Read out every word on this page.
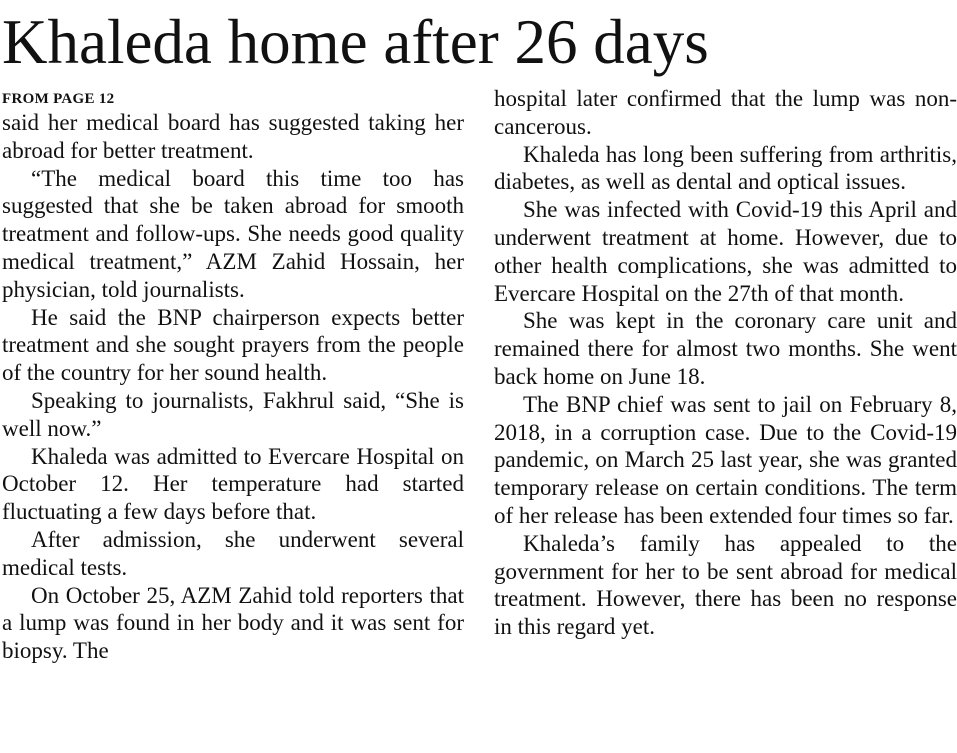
Khaleda home after 26 days
FROM PAGE 12

said her medical board has suggested taking her abroad for better treatment.

“The medical board this time too has suggested that she be taken abroad for smooth treatment and follow-ups. She needs good quality medical treatment,” AZM Zahid Hossain, her physician, told journalists.

He said the BNP chairperson expects better treatment and she sought prayers from the people of the country for her sound health.

Speaking to journalists, Fakhrul said, “She is well now.”

Khaleda was admitted to Evercare Hospital on October 12. Her temperature had started fluctuating a few days before that.

After admission, she underwent several medical tests.

On October 25, AZM Zahid told reporters that a lump was found in her body and it was sent for biopsy. The

hospital later confirmed that the lump was non-cancerous.

Khaleda has long been suffering from arthritis, diabetes, as well as dental and optical issues.

She was infected with Covid-19 this April and underwent treatment at home. However, due to other health complications, she was admitted to Evercare Hospital on the 27th of that month.

She was kept in the coronary care unit and remained there for almost two months. She went back home on June 18.

The BNP chief was sent to jail on February 8, 2018, in a corruption case. Due to the Covid-19 pandemic, on March 25 last year, she was granted temporary release on certain conditions. The term of her release has been extended four times so far.

Khaleda’s family has appealed to the government for her to be sent abroad for medical treatment. However, there has been no response in this regard yet.
